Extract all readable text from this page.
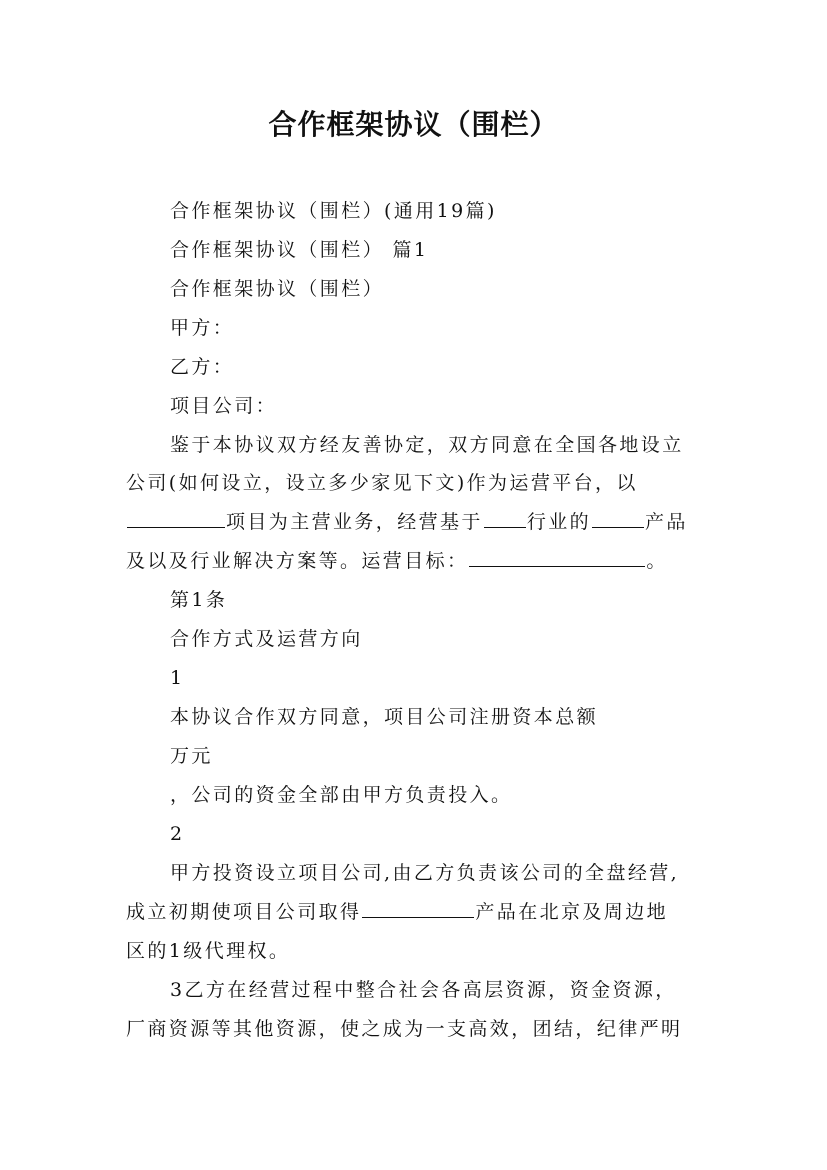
合作框架协议（围栏）
合作框架协议（围栏）(通用19篇)
合作框架协议（围栏） 篇1
合作框架协议（围栏）
甲方：
乙方：
项目公司：
鉴于本协议双方经友善协定，双方同意在全国各地设立
公司(如何设立，设立多少家见下文)作为运营平台，以
项目为主营业务，经营基于 行业的	产品
及以及行业解决方案等。运营目标：	。
第1条
合作方式及运营方向
1
本协议合作双方同意，项目公司注册资本总额
万元
，公司的资金全部由甲方负责投入。
2
甲方投资设立项目公司,由乙方负责该公司的全盘经营,
成立初期使项目公司取得	产品在北京及周边地
区的1级代理权。
3乙方在经营过程中整合社会各高层资源，资金资源，
厂商资源等其他资源，使之成为一支高效，团结，纪律严明
